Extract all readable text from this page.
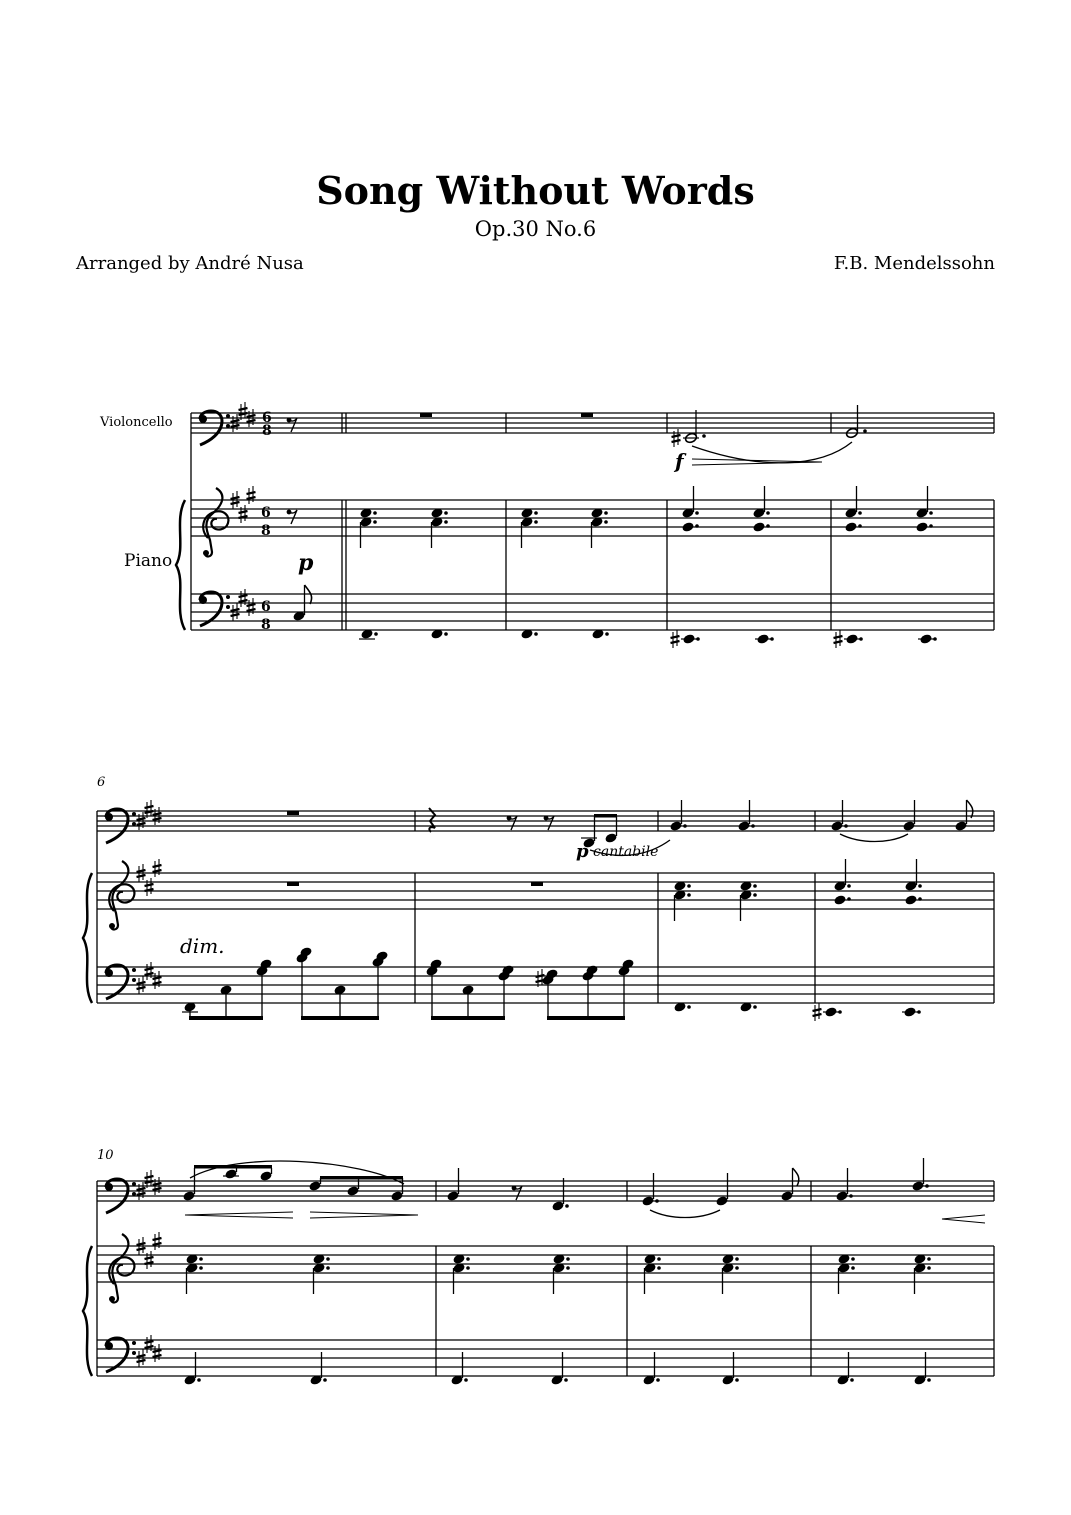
Song Without Words
Op.30 No.6
Arranged by André Nusa	F.B. Mendelssohn
6
8
6
8
6
8
p
f
Violoncello
Piano
6
p cantabile
dim.
10
